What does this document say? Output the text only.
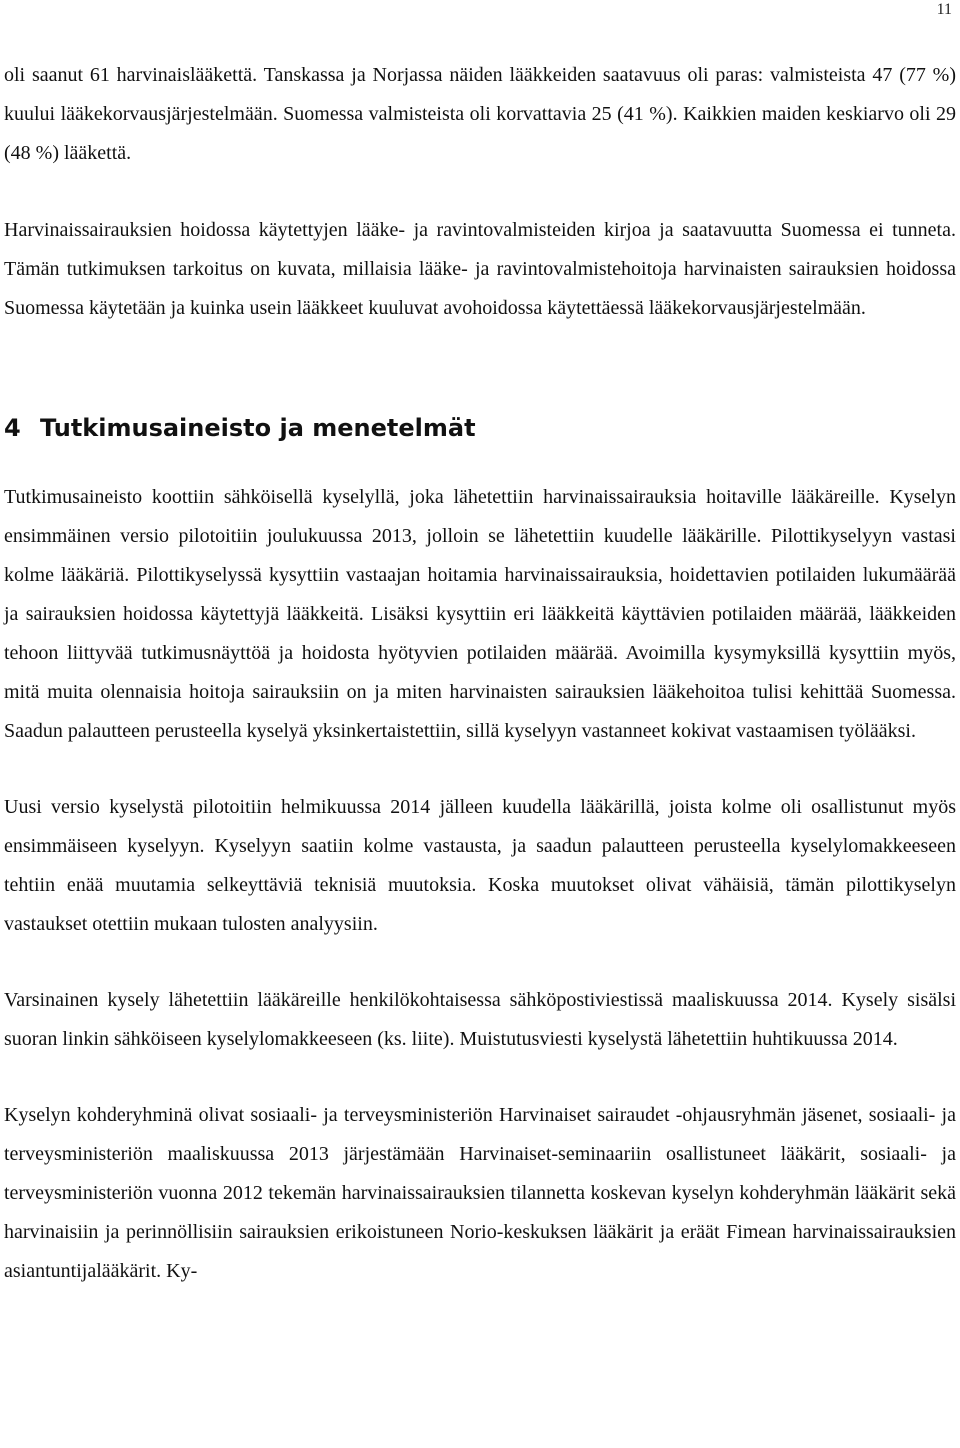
11

oli saanut 61 harvinaislääkettä. Tanskassa ja Norjassa näiden lääkkeiden saatavuus oli paras: valmisteista 47 (77 %) kuului lääkekorvausjärjestelmään. Suomessa valmisteista oli korvattavia 25 (41 %). Kaikkien maiden keskiarvo oli 29 (48 %) lääkettä.

Harvinaissairauksien hoidossa käytettyjen lääke- ja ravintovalmisteiden kirjoa ja saatavuutta Suomessa ei tunneta. Tämän tutkimuksen tarkoitus on kuvata, millaisia lääke- ja ravintovalmistehoitoja harvinaisten sairauksien hoidossa Suomessa käytetään ja kuinka usein lääkkeet kuuluvat avohoidossa käytettäessä lääkekorvausjärjestelmään.

4 Tutkimusaineisto ja menetelmät

Tutkimusaineisto koottiin sähköisellä kyselyllä, joka lähetettiin harvinaissairauksia hoitaville lääkäreille. Kyselyn ensimmäinen versio pilotoitiin joulukuussa 2013, jolloin se lähetettiin kuudelle lääkärille. Pilottikyselyyn vastasi kolme lääkäriä. Pilottikyselyssä kysyttiin vastaajan hoitamia harvinaissairauksia, hoidettavien potilaiden lukumäärää ja sairauksien hoidossa käytettyjä lääkkeitä. Lisäksi kysyttiin eri lääkkeitä käyttävien potilaiden määrää, lääkkeiden tehoon liittyvää tutkimusnäyttöä ja hoidosta hyötyvien potilaiden määrää. Avoimilla kysymyksillä kysyttiin myös, mitä muita olennaisia hoitoja sairauksiin on ja miten harvinaisten sairauksien lääkehoitoa tulisi kehittää Suomessa. Saadun palautteen perusteella kyselyä yksinkertaistettiin, sillä kyselyyn vastanneet kokivat vastaamisen työlääksi.

Uusi versio kyselystä pilotoitiin helmikuussa 2014 jälleen kuudella lääkärillä, joista kolme oli osallistunut myös ensimmäiseen kyselyyn. Kyselyyn saatiin kolme vastausta, ja saadun palautteen perusteella kyselylomakkeeseen tehtiin enää muutamia selkeyttäviä teknisiä muutoksia. Koska muutokset olivat vähäisiä, tämän pilottikyselyn vastaukset otettiin mukaan tulosten analyysiin.

Varsinainen kysely lähetettiin lääkäreille henkilökohtaisessa sähköpostiviestissä maaliskuussa 2014. Kysely sisälsi suoran linkin sähköiseen kyselylomakkeeseen (ks. liite). Muistutusviesti kyselystä lähetettiin huhtikuussa 2014.

Kyselyn kohderyhminä olivat sosiaali- ja terveysministeriön Harvinaiset sairaudet -ohjausryhmän jäsenet, sosiaali- ja terveysministeriön maaliskuussa 2013 järjestämään Harvinaiset-seminaariin osallistuneet lääkärit, sosiaali- ja terveysministeriön vuonna 2012 tekemän harvinaissairauksien tilannetta koskevan kyselyn kohderyhmän lääkärit sekä harvinaisiin ja perinnöllisiin sairauksien erikoistuneen Norio-keskuksen lääkärit ja eräät Fimean harvinaissairauksien asiantuntijalääkärit. Ky-
